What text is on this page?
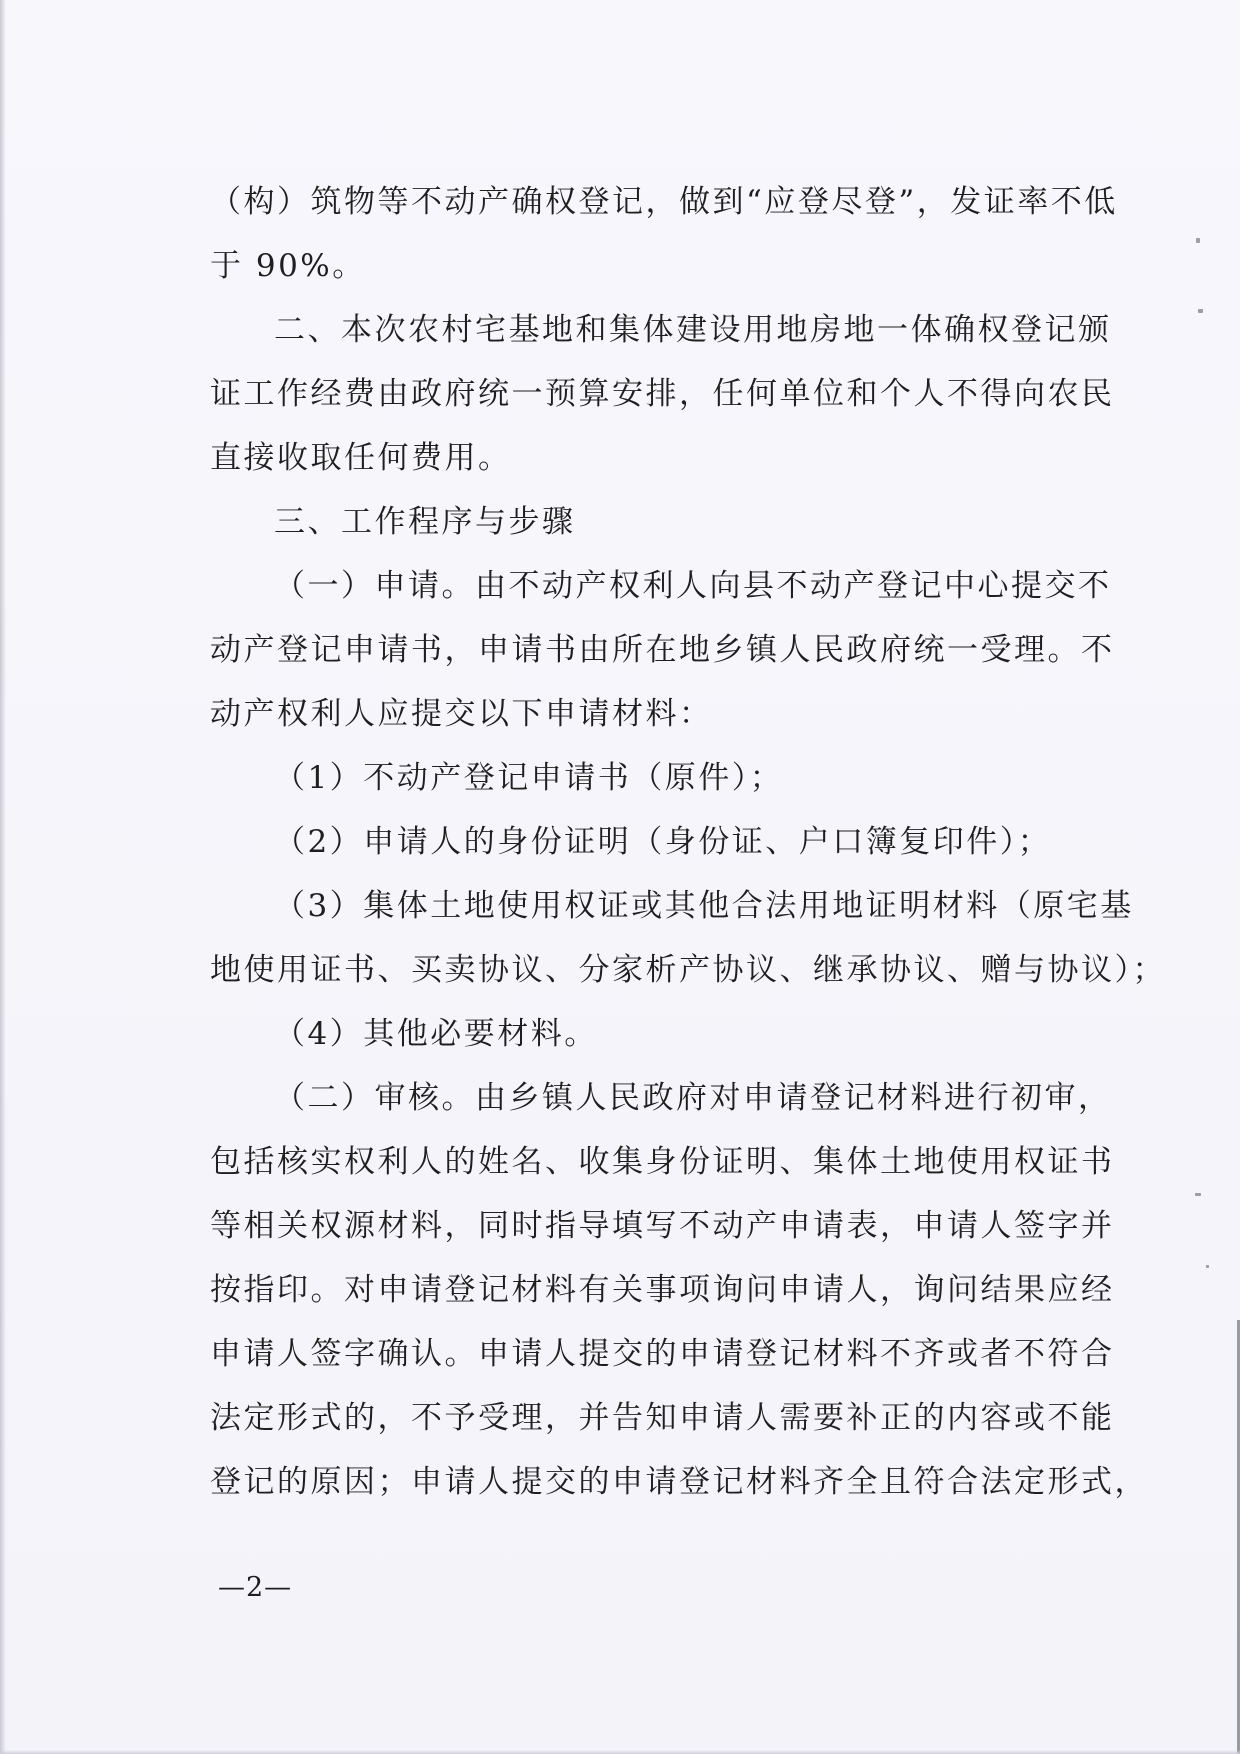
（构）筑物等不动产确权登记，做到“应登尽登”，发证率不低
于 90%。
二、本次农村宅基地和集体建设用地房地一体确权登记颁
证工作经费由政府统一预算安排，任何单位和个人不得向农民
直接收取任何费用。
三、工作程序与步骤
（一）申请。由不动产权利人向县不动产登记中心提交不
动产登记申请书，申请书由所在地乡镇人民政府统一受理。不
动产权利人应提交以下申请材料：
（1）不动产登记申请书（原件）；
（2）申请人的身份证明（身份证、户口簿复印件）；
（3）集体土地使用权证或其他合法用地证明材料（原宅基
地使用证书、买卖协议、分家析产协议、继承协议、赠与协议）；
（4）其他必要材料。
（二）审核。由乡镇人民政府对申请登记材料进行初审，
包括核实权利人的姓名、收集身份证明、集体土地使用权证书
等相关权源材料，同时指导填写不动产申请表，申请人签字并
按指印。对申请登记材料有关事项询问申请人，询问结果应经
申请人签字确认。申请人提交的申请登记材料不齐或者不符合
法定形式的，不予受理，并告知申请人需要补正的内容或不能
登记的原因；申请人提交的申请登记材料齐全且符合法定形式，
—2—
